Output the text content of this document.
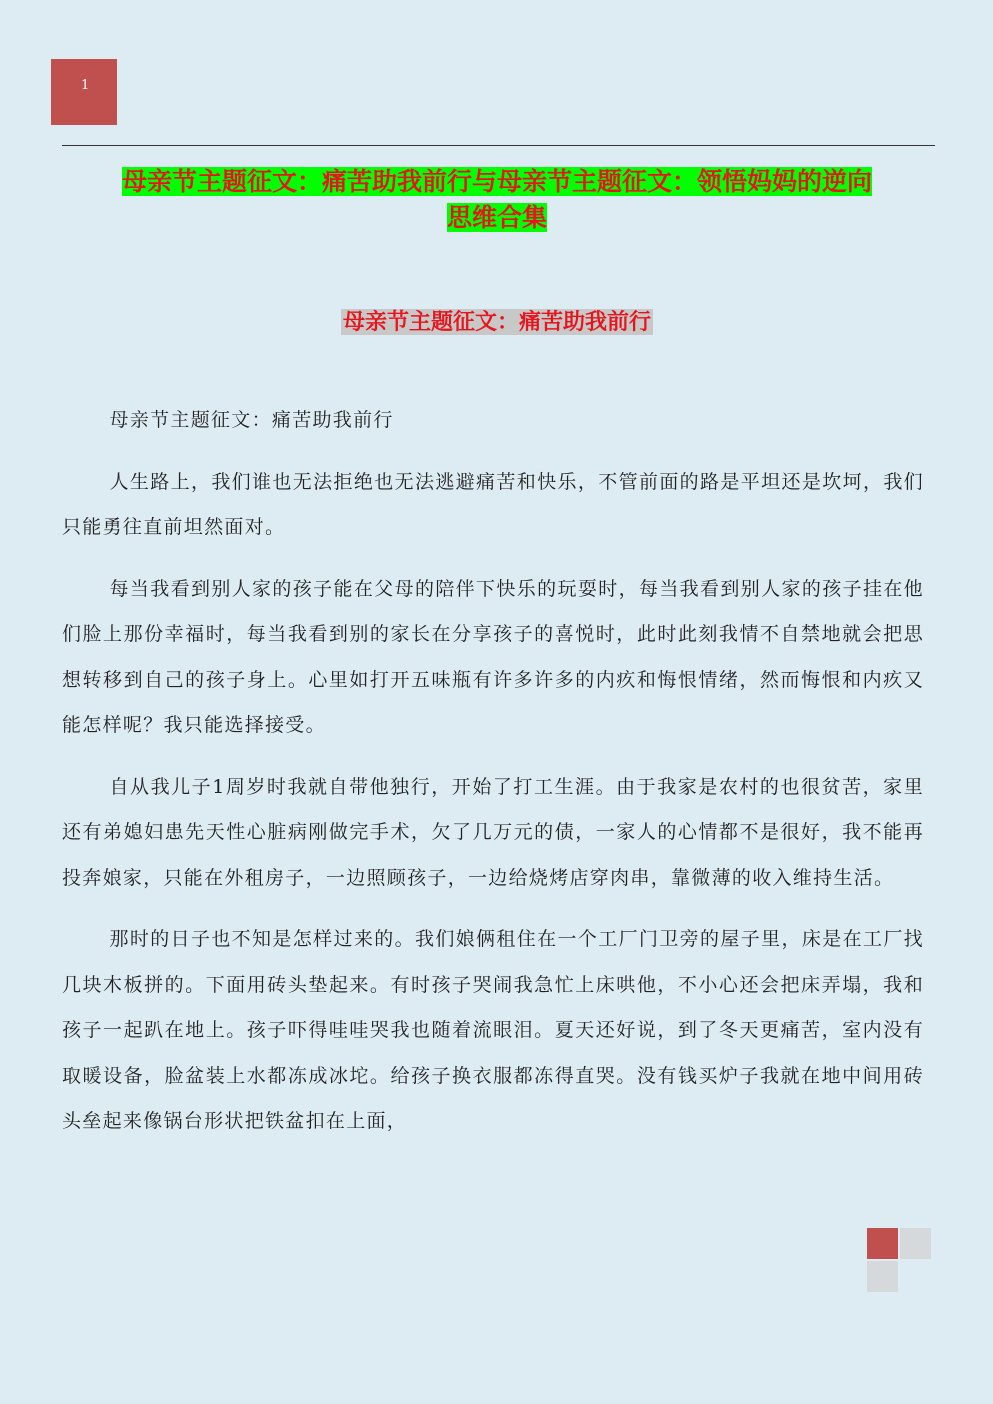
1
母亲节主题征文：痛苦助我前行与母亲节主题征文：领悟妈妈的逆向
思维合集
母亲节主题征文：痛苦助我前行

母亲节主题征文：痛苦助我前行

人生路上，我们谁也无法拒绝也无法逃避痛苦和快乐，不管前面的路是平坦还是坎坷，我们只能勇往直前坦然面对。

每当我看到别人家的孩子能在父母的陪伴下快乐的玩耍时，每当我看到别人家的孩子挂在他们脸上那份幸福时，每当我看到别的家长在分享孩子的喜悦时，此时此刻我情不自禁地就会把思想转移到自己的孩子身上。心里如打开五味瓶有许多许多的内疚和悔恨情绪，然而悔恨和内疚又能怎样呢？我只能选择接受。

自从我儿子1周岁时我就自带他独行，开始了打工生涯。由于我家是农村的也很贫苦，家里还有弟媳妇患先天性心脏病刚做完手术，欠了几万元的债，一家人的心情都不是很好，我不能再投奔娘家，只能在外租房子，一边照顾孩子，一边给烧烤店穿肉串，靠微薄的收入维持生活。

那时的日子也不知是怎样过来的。我们娘俩租住在一个工厂门卫旁的屋子里，床是在工厂找几块木板拼的。下面用砖头垫起来。有时孩子哭闹我急忙上床哄他，不小心还会把床弄塌，我和孩子一起趴在地上。孩子吓得哇哇哭我也随着流眼泪。夏天还好说，到了冬天更痛苦，室内没有取暖设备，脸盆装上水都冻成冰坨。给孩子换衣服都冻得直哭。没有钱买炉子我就在地中间用砖头垒起来像锅台形状把铁盆扣在上面，
